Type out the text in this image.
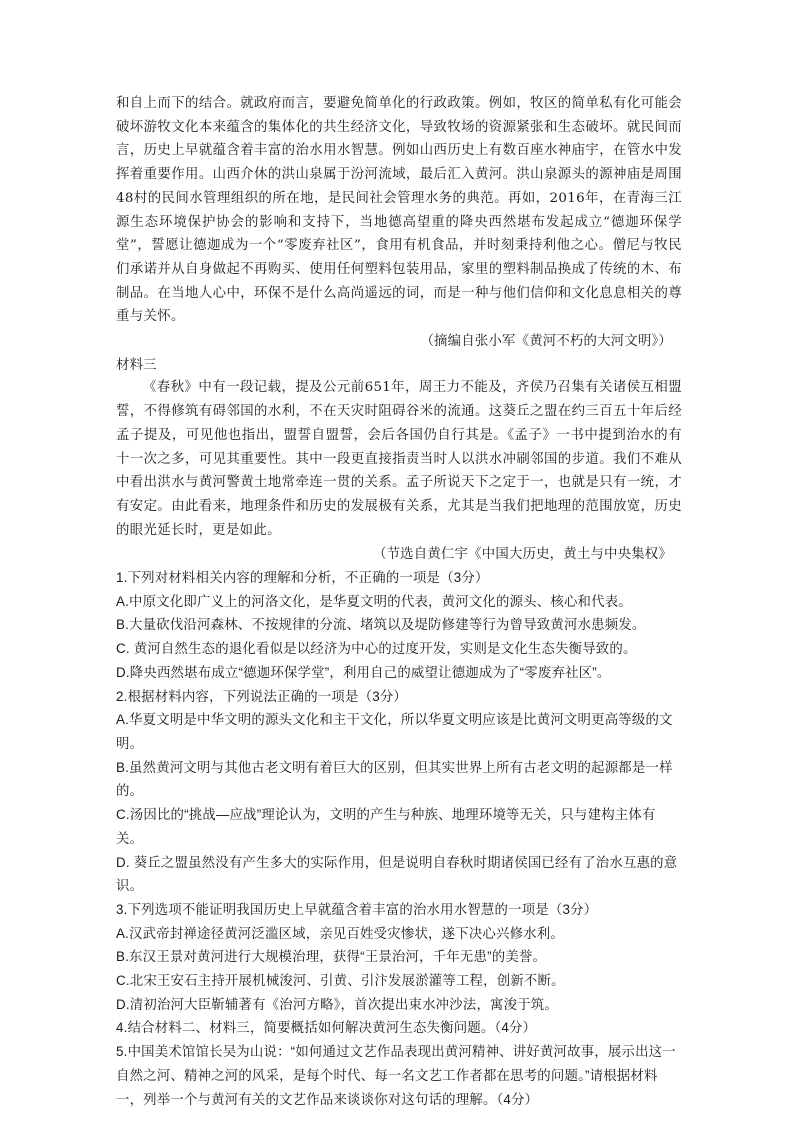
和自上而下的结合。就政府而言，要避免简单化的行政政策。例如，牧区的简单私有化可能会破坏游牧文化本来蕴含的集体化的共生经济文化，导致牧场的资源紧张和生态破坏。就民间而言，历史上早就蕴含着丰富的治水用水智慧。例如山西历史上有数百座水神庙宇，在管水中发挥着重要作用。山西介休的洪山泉属于汾河流域，最后汇入黄河。洪山泉源头的源神庙是周围48村的民间水管理组织的所在地，是民间社会管理水务的典范。再如，2016年，在青海三江源生态环境保护协会的影响和支持下，当地德高望重的降央西然堪布发起成立“德迦环保学堂”，誓愿让德迦成为一个“零废弃社区”，食用有机食品，并时刻秉持利他之心。僧尼与牧民们承诺并从自身做起不再购买、使用任何塑料包装用品，家里的塑料制品换成了传统的木、布制品。在当地人心中，环保不是什么高尚遥远的词，而是一种与他们信仰和文化息息相关的尊重与关怀。

（摘编自张小军《黄河不朽的大河文明》）

材料三

《春秋》中有一段记载，提及公元前651年，周王力不能及，齐侯乃召集有关诸侯互相盟誓，不得修筑有碍邻国的水利，不在天灾时阻碍谷米的流通。这葵丘之盟在约三百五十年后经孟子提及，可见他也指出，盟誓自盟誓，会后各国仍自行其是。《孟子》一书中提到治水的有十一次之多，可见其重要性。其中一段更直接指责当时人以洪水冲刷邻国的步道。我们不难从中看出洪水与黄河警黄土地常牵连一贯的关系。孟子所说天下之定于一，也就是只有一统，才有安定。由此看来，地理条件和历史的发展极有关系，尤其是当我们把地理的范围放宽，历史的眼光延长时，更是如此。

（节选自黄仁宇《中国大历史，黄土与中央集权》

1.下列对材料相关内容的理解和分析，不正确的一项是（3分）

A.中原文化即广义上的河洛文化，是华夏文明的代表，黄河文化的源头、核心和代表。

B.大量砍伐沿河森林、不按规律的分流、堵筑以及堤防修建等行为曾导致黄河水患频发。

C. 黄河自然生态的退化看似是以经济为中心的过度开发，实则是文化生态失衡导致的。

D.降央西然堪布成立“德迦环保学堂”，利用自己的威望让德迦成为了“零废弃社区”。

2.根据材料内容，下列说法正确的一项是（3分）

A.华夏文明是中华文明的源头文化和主干文化，所以华夏文明应该是比黄河文明更高等级的文明。

B.虽然黄河文明与其他古老文明有着巨大的区别，但其实世界上所有古老文明的起源都是一样的。

C.汤因比的“挑战—应战”理论认为，文明的产生与种族、地理环境等无关，只与建构主体有关。

D. 葵丘之盟虽然没有产生多大的实际作用，但是说明自春秋时期诸侯国已经有了治水互惠的意识。

3.下列选项不能证明我国历史上早就蕴含着丰富的治水用水智慧的一项是（3分）

A.汉武帝封禅途径黄河泛滥区域，亲见百姓受灾惨状，遂下决心兴修水利。

B.东汉王景对黄河进行大规模治理，获得“王景治河，千年无患”的美誉。

C.北宋王安石主持开展机械浚河、引黄、引汴发展淤灌等工程，创新不断。

D.清初治河大臣靳辅著有《治河方略》，首次提出束水冲沙法，寓浚于筑。

4.结合材料二、材料三，简要概括如何解决黄河生态失衡问题。（4分）

5.中国美术馆馆长吴为山说：“如何通过文艺作品表现出黄河精神、讲好黄河故事，展示出这一自然之河、精神之河的风采，是每个时代、每一名文艺工作者都在思考的问题。”请根据材料一，列举一个与黄河有关的文艺作品来谈谈你对这句话的理解。（4分）
